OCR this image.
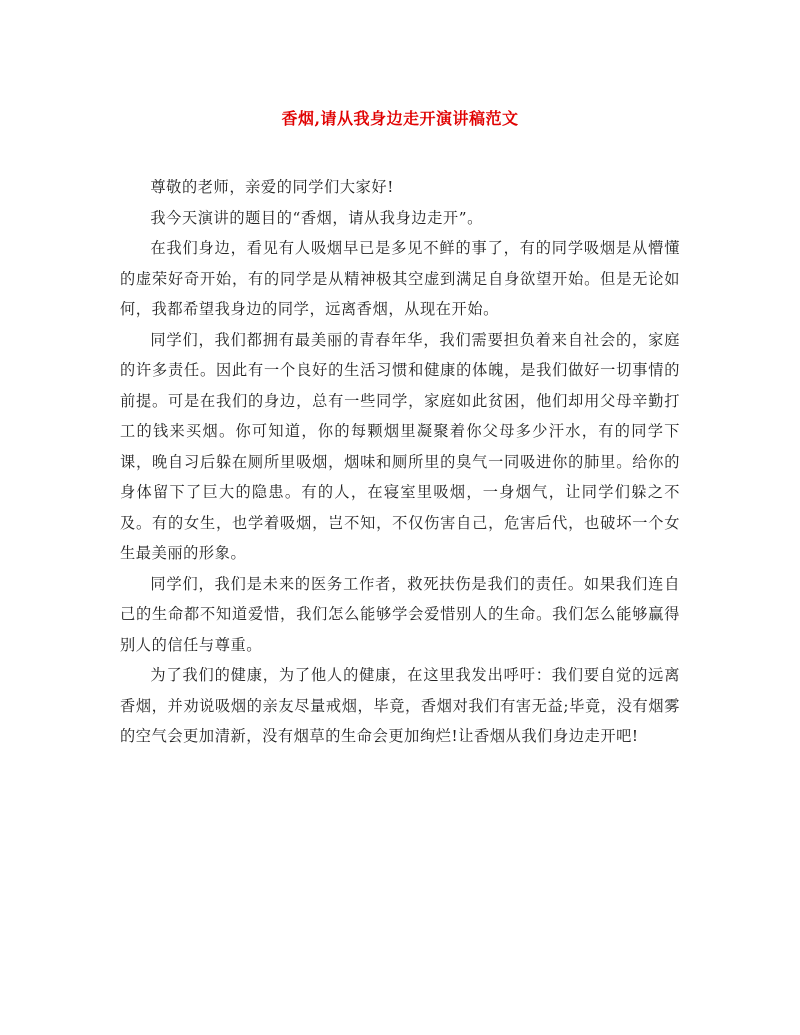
香烟,请从我身边走开演讲稿范文

尊敬的老师，亲爱的同学们大家好!

我今天演讲的题目的“香烟，请从我身边走开”。

在我们身边，看见有人吸烟早已是多见不鲜的事了，有的同学吸烟是从懵懂的虚荣好奇开始，有的同学是从精神极其空虚到满足自身欲望开始。但是无论如何，我都希望我身边的同学，远离香烟，从现在开始。

同学们，我们都拥有最美丽的青春年华，我们需要担负着来自社会的，家庭的许多责任。因此有一个良好的生活习惯和健康的体魄，是我们做好一切事情的前提。可是在我们的身边，总有一些同学，家庭如此贫困，他们却用父母辛勤打工的钱来买烟。你可知道，你的每颗烟里凝聚着你父母多少汗水，有的同学下课，晚自习后躲在厕所里吸烟，烟味和厕所里的臭气一同吸进你的肺里。给你的身体留下了巨大的隐患。有的人，在寝室里吸烟，一身烟气，让同学们躲之不及。有的女生，也学着吸烟，岂不知，不仅伤害自己，危害后代，也破坏一个女生最美丽的形象。

同学们，我们是未来的医务工作者，救死扶伤是我们的责任。如果我们连自己的生命都不知道爱惜，我们怎么能够学会爱惜别人的生命。我们怎么能够赢得别人的信任与尊重。

为了我们的健康，为了他人的健康，在这里我发出呼吁：我们要自觉的远离香烟，并劝说吸烟的亲友尽量戒烟，毕竟，香烟对我们有害无益;毕竟，没有烟雾的空气会更加清新，没有烟草的生命会更加绚烂!让香烟从我们身边走开吧!
